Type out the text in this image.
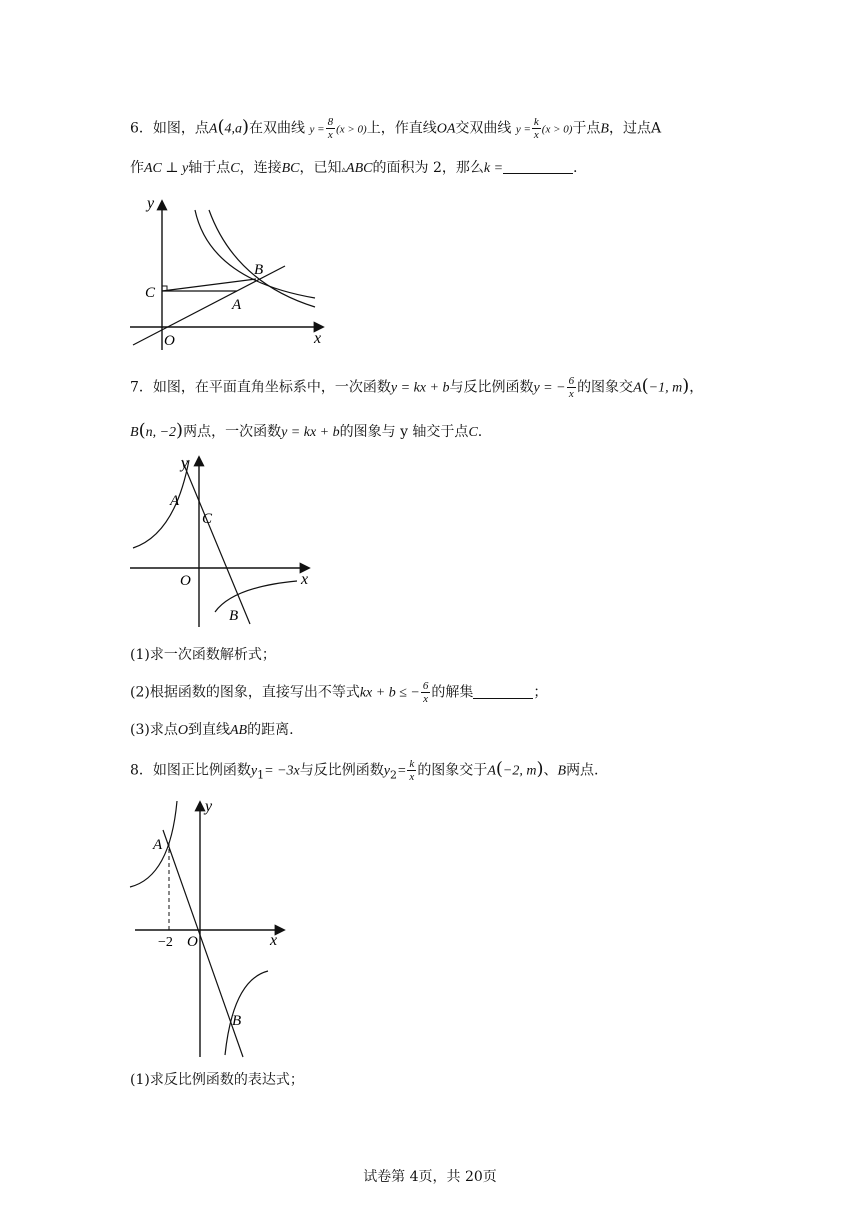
6．如图，点A(4,a)在双曲线 $y = \frac{8}{x} (x > 0)$上，作直线OA交双曲线 $y = \frac{k}{x} (x > 0)$于点B，过点A
作AC ⊥ y轴于点C，连接BC，已知▵ABC的面积为 2，那么k =	.
y
x
O
C
A
B
7．如图，在平面直角坐标系中，一次函数y = kx + b与反比例函数y = − $\frac{6}{x}$ 的图象交A(−1, m)，
B(n, −2)两点，一次函数y = kx + b的图象与 y 轴交于点C.
y
x
O
A
C
B
(1)求一次函数解析式；
(2)根据函数的图象，直接写出不等式kx + b ≤ − $\frac{6}{x}$ 的解集	；
(3)求点O到直线AB的距离.
8．如图正比例函数$y_1= -3x$与反比例函数$y_2= \frac{k}{x}$ 的图象交于A(−2, m)、B两点.
y
x
O
−2
A
B
(1)求反比例函数的表达式；
试卷第 4页，共 20页
